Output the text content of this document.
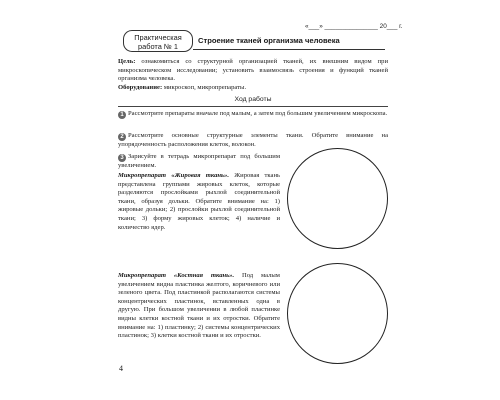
«___» _______________ 20___ г.
Практическая
работа № 1
Строение тканей организма человека
Цель: ознакомиться со структурной организацией тканей, их внешним видом при микроскопическом исследовании; установить взаимосвязь строения и функций тканей организма человека.
Оборудование: микроскоп, микропрепараты.
Ход работы
1 Рассмотрите препараты вначале под малым, а затем под большим увеличением микроскопа.
2 Рассмотрите основные структурные элементы ткани. Обратите внимание на упорядоченность расположения клеток, волокон.
3 Зарисуйте в тетрадь микропрепарат под большим увеличением.
Микропрепарат «Жировая ткань». Жировая ткань представлена группами жировых клеток, которые разделяются прослойками рыхлой соединительной ткани, образуя дольки. Обратите внимание на: 1) жировые дольки; 2) прослойки рыхлой соединительной ткани; 3) форму жировых клеток; 4) наличие и количество ядер.
Микропрепарат «Костная ткань». Под малым увеличением видна пластинка желтого, коричневого или зеленого цвета. Под пластинкой располагаются системы концентрических пластинок, вставленных одна в другую. При большом увеличении в любой пластинке видны клетки костной ткани и их отростки. Обратите внимание на: 1) пластинку; 2) системы концентрических пластинок; 3) клетки костной ткани и их отростки.
4
